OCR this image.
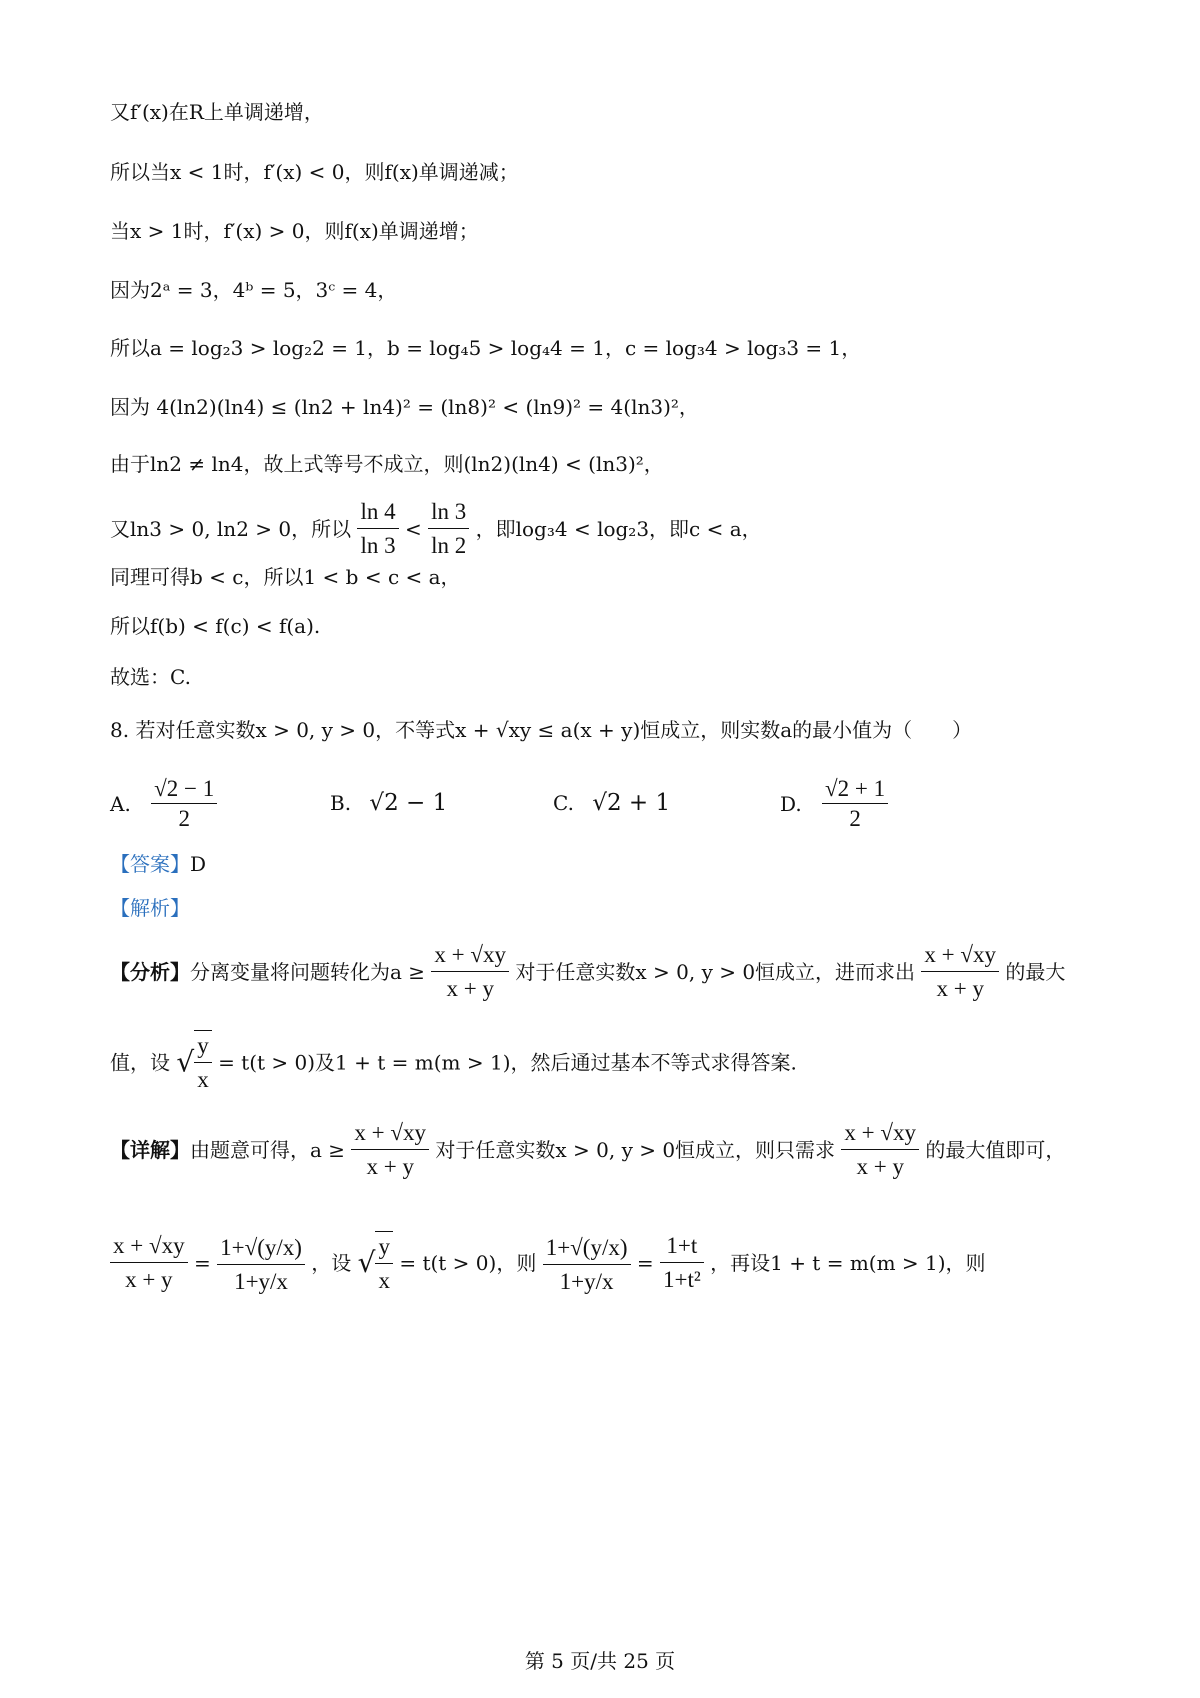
又f′(x)在R上单调递增，
所以当x < 1时，f′(x) < 0，则f(x)单调递减；
当x > 1时，f′(x) > 0，则f(x)单调递增；
因为2ᵃ = 3，4ᵇ = 5，3ᶜ = 4，
所以a = log₂3 > log₂2 = 1，b = log₄5 > log₄4 = 1，c = log₃4 > log₃3 = 1，
因为 4(ln2)(ln4) ≤ (ln2 + ln4)² = (ln8)² < (ln9)² = 4(ln3)²，
由于ln2 ≠ ln4，故上式等号不成立，则(ln2)(ln4) < (ln3)²，
又ln3 > 0, ln2 > 0，所以 $\frac{\ln 4}{\ln 3} < \frac{\ln 3}{\ln 2}$ ，即log₃4 < log₂3，即c < a，
同理可得b < c，所以1 < b < c < a，
所以f(b) < f(c) < f(a).
故选：C.
8. 若对任意实数x > 0, y > 0，不等式x + √xy ≤ a(x + y)恒成立，则实数a的最小值为（　　）
A. $\frac{√2 - 1}{2}$	B. √2 − 1	C. √2 + 1	D. $\frac{√2 + 1}{2}$
【答案】D
【解析】
【分析】分离变量将问题转化为$a \ge \frac{x + √xy}{x + y}$ 对于任意实数x > 0, y > 0恒成立，进而求出 $\frac{x + √xy}{x + y}$ 的最大
值，设 √ $\frac{y}{x} = t(t > 0)$及1 + t = m(m > 1)，然后通过基本不等式求得答案.
【详解】由题意可得，$a \ge \frac{x + √xy}{x + y}$ 对于任意实数x > 0, y > 0恒成立，则只需求 $\frac{x + √xy}{x + y}$ 的最大值即可，
$\frac{x + √xy}{x + y} = \frac{1+√(y/x)}{1+y/x}$ ，设 √ $\frac{y}{x} = t(t > 0)$，则 $\frac{1+√(y/x)}{1+y/x} = \frac{1+t}{\text{1+t²}}$ ，再设1 + t = m(m > 1)，则
第 5 页/共 25 页
